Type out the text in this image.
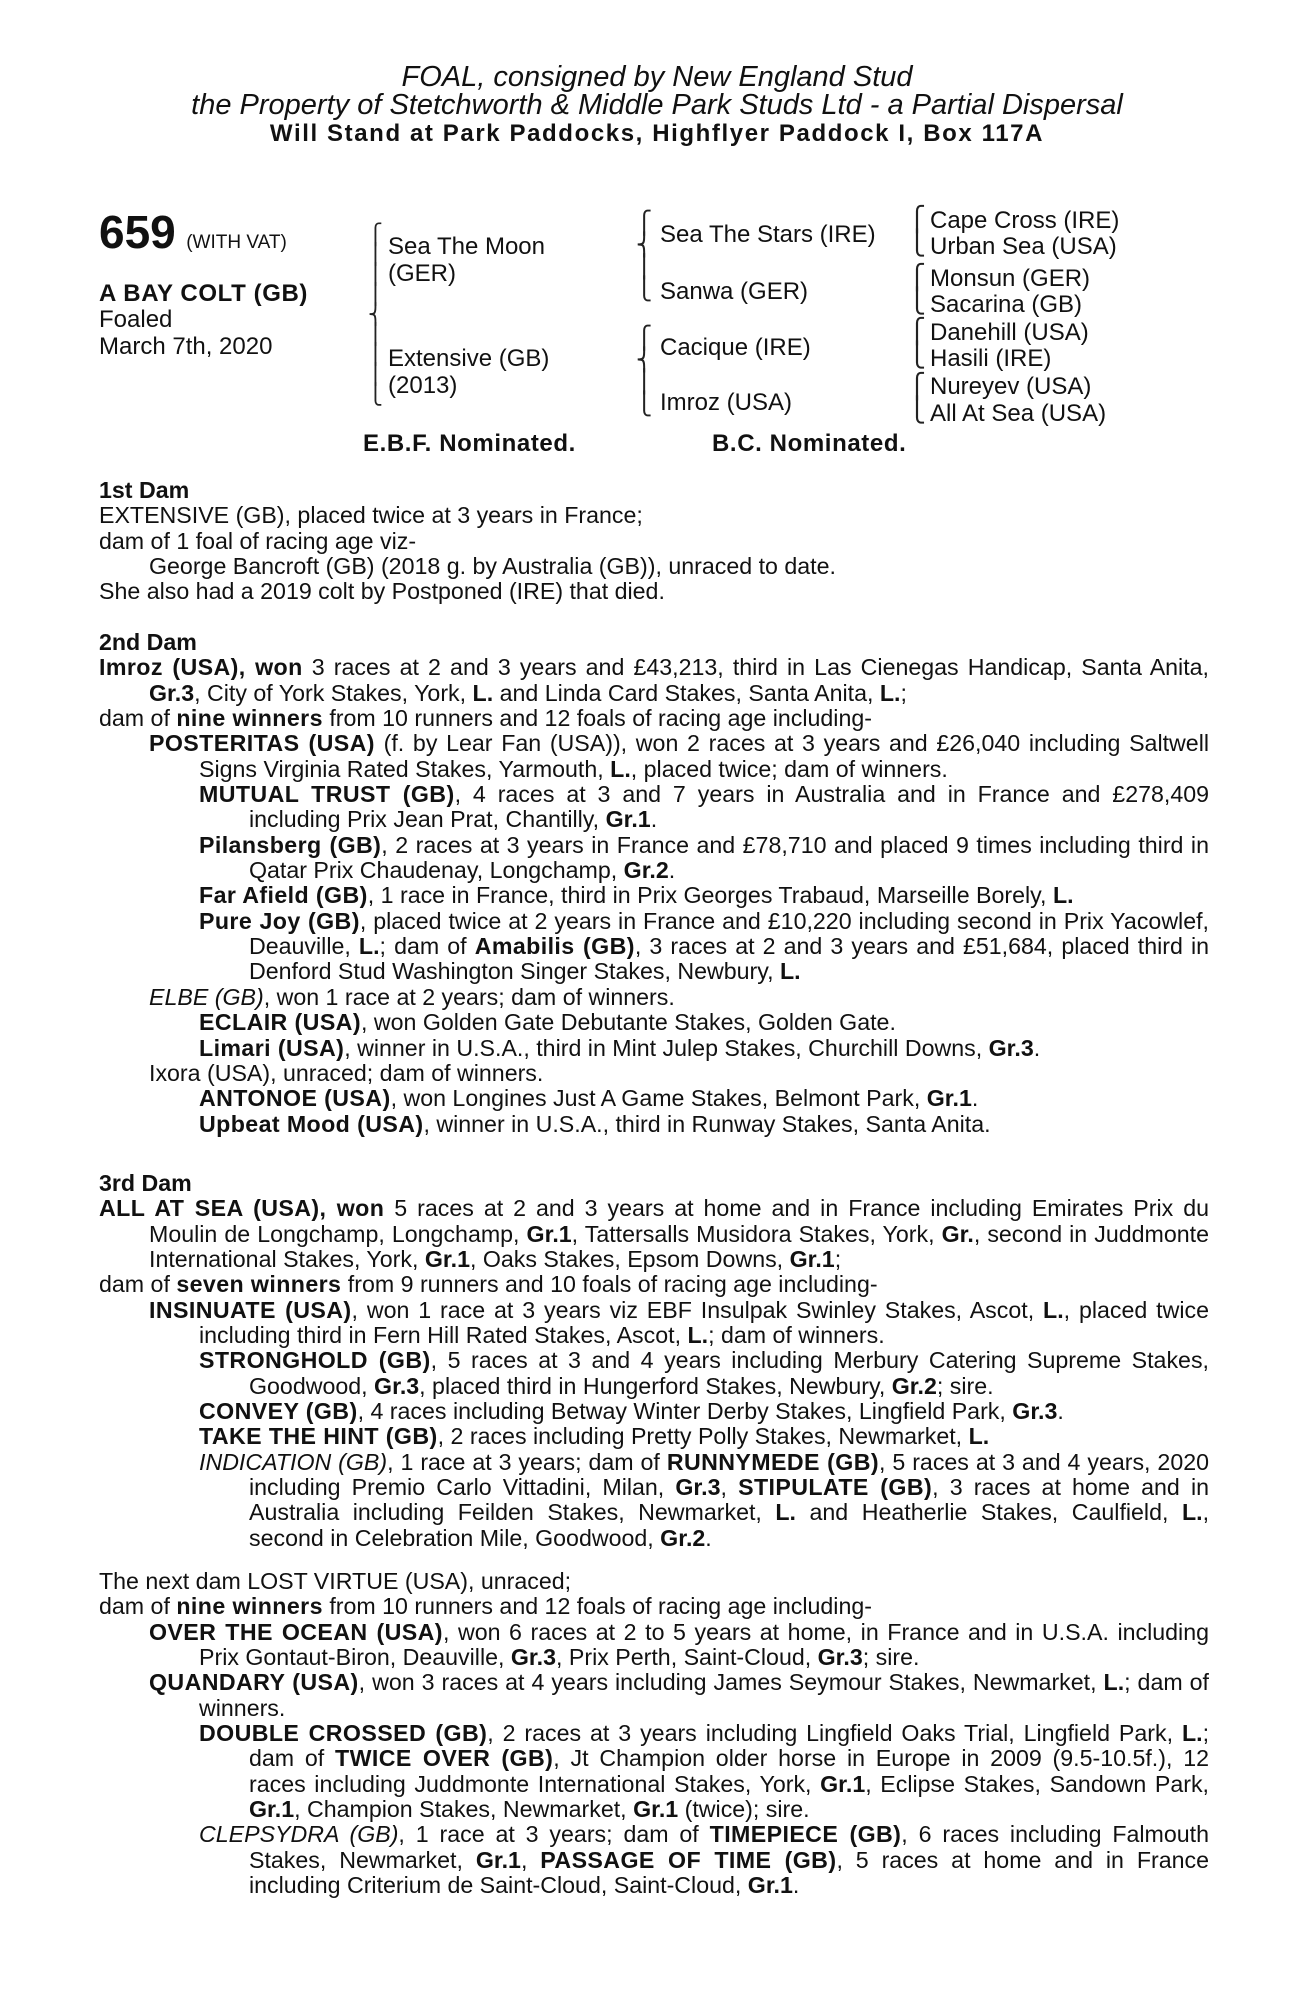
FOAL, consigned by New England Stud
the Property of Stetchworth & Middle Park Studs Ltd - a Partial Dispersal
Will Stand at Park Paddocks, Highflyer Paddock I, Box 117A
659 (WITH VAT)
A BAY COLT (GB)
Foaled
March 7th, 2020
⎧
⎪
⎪
⎪
⎨
⎪
⎪
⎪
⎩
Sea The Moon
(GER)
Extensive (GB)
(2013)
⎧
⎨
⎪
⎩
Sea The Stars (IRE)
Sanwa (GER)
⎧
⎨
⎪
⎩
Cacique (IRE)
Imroz (USA)
⎧
⎩
⎧
⎩
⎧
⎩
⎧
⎩
Cape Cross (IRE)
Urban Sea (USA)
Monsun (GER)
Sacarina (GB)
Danehill (USA)
Hasili (IRE)
Nureyev (USA)
All At Sea (USA)
E.B.F. Nominated.	B.C. Nominated.

1st Dam

EXTENSIVE (GB), placed twice at 3 years in France;

dam of 1 foal of racing age viz-

George Bancroft (GB) (2018 g. by Australia (GB)), unraced to date.

She also had a 2019 colt by Postponed (IRE) that died.

2nd Dam

Imroz (USA), won 3 races at 2 and 3 years and £43,213, third in Las Cienegas Handicap, Santa Anita, Gr.3, City of York Stakes, York, L. and Linda Card Stakes, Santa Anita, L.;

dam of nine winners from 10 runners and 12 foals of racing age including-

POSTERITAS (USA) (f. by Lear Fan (USA)), won 2 races at 3 years and £26,040 including Saltwell Signs Virginia Rated Stakes, Yarmouth, L., placed twice; dam of winners.

MUTUAL TRUST (GB), 4 races at 3 and 7 years in Australia and in France and £278,409 including Prix Jean Prat, Chantilly, Gr.1.

Pilansberg (GB), 2 races at 3 years in France and £78,710 and placed 9 times including third in Qatar Prix Chaudenay, Longchamp, Gr.2.

Far Afield (GB), 1 race in France, third in Prix Georges Trabaud, Marseille Borely, L.

Pure Joy (GB), placed twice at 2 years in France and £10,220 including second in Prix Yacowlef, Deauville, L.; dam of Amabilis (GB), 3 races at 2 and 3 years and £51,684, placed third in Denford Stud Washington Singer Stakes, Newbury, L.

ELBE (GB), won 1 race at 2 years; dam of winners.

ECLAIR (USA), won Golden Gate Debutante Stakes, Golden Gate.

Limari (USA), winner in U.S.A., third in Mint Julep Stakes, Churchill Downs, Gr.3.

Ixora (USA), unraced; dam of winners.

ANTONOE (USA), won Longines Just A Game Stakes, Belmont Park, Gr.1.

Upbeat Mood (USA), winner in U.S.A., third in Runway Stakes, Santa Anita.

3rd Dam

ALL AT SEA (USA), won 5 races at 2 and 3 years at home and in France including Emirates Prix du Moulin de Longchamp, Longchamp, Gr.1, Tattersalls Musidora Stakes, York, Gr., second in Juddmonte International Stakes, York, Gr.1, Oaks Stakes, Epsom Downs, Gr.1;

dam of seven winners from 9 runners and 10 foals of racing age including-

INSINUATE (USA), won 1 race at 3 years viz EBF Insulpak Swinley Stakes, Ascot, L., placed twice including third in Fern Hill Rated Stakes, Ascot, L.; dam of winners.

STRONGHOLD (GB), 5 races at 3 and 4 years including Merbury Catering Supreme Stakes, Goodwood, Gr.3, placed third in Hungerford Stakes, Newbury, Gr.2; sire.

CONVEY (GB), 4 races including Betway Winter Derby Stakes, Lingfield Park, Gr.3.

TAKE THE HINT (GB), 2 races including Pretty Polly Stakes, Newmarket, L.

INDICATION (GB), 1 race at 3 years; dam of RUNNYMEDE (GB), 5 races at 3 and 4 years, 2020 including Premio Carlo Vittadini, Milan, Gr.3, STIPULATE (GB), 3 races at home and in Australia including Feilden Stakes, Newmarket, L. and Heatherlie Stakes, Caulfield, L., second in Celebration Mile, Goodwood, Gr.2.

The next dam LOST VIRTUE (USA), unraced;

dam of nine winners from 10 runners and 12 foals of racing age including-

OVER THE OCEAN (USA), won 6 races at 2 to 5 years at home, in France and in U.S.A. including Prix Gontaut-Biron, Deauville, Gr.3, Prix Perth, Saint-Cloud, Gr.3; sire.

QUANDARY (USA), won 3 races at 4 years including James Seymour Stakes, Newmarket, L.; dam of winners.

DOUBLE CROSSED (GB), 2 races at 3 years including Lingfield Oaks Trial, Lingfield Park, L.; dam of TWICE OVER (GB), Jt Champion older horse in Europe in 2009 (9.5-10.5f.), 12 races including Juddmonte International Stakes, York, Gr.1, Eclipse Stakes, Sandown Park, Gr.1, Champion Stakes, Newmarket, Gr.1 (twice); sire.

CLEPSYDRA (GB), 1 race at 3 years; dam of TIMEPIECE (GB), 6 races including Falmouth Stakes, Newmarket, Gr.1, PASSAGE OF TIME (GB), 5 races at home and in France including Criterium de Saint-Cloud, Saint-Cloud, Gr.1.
